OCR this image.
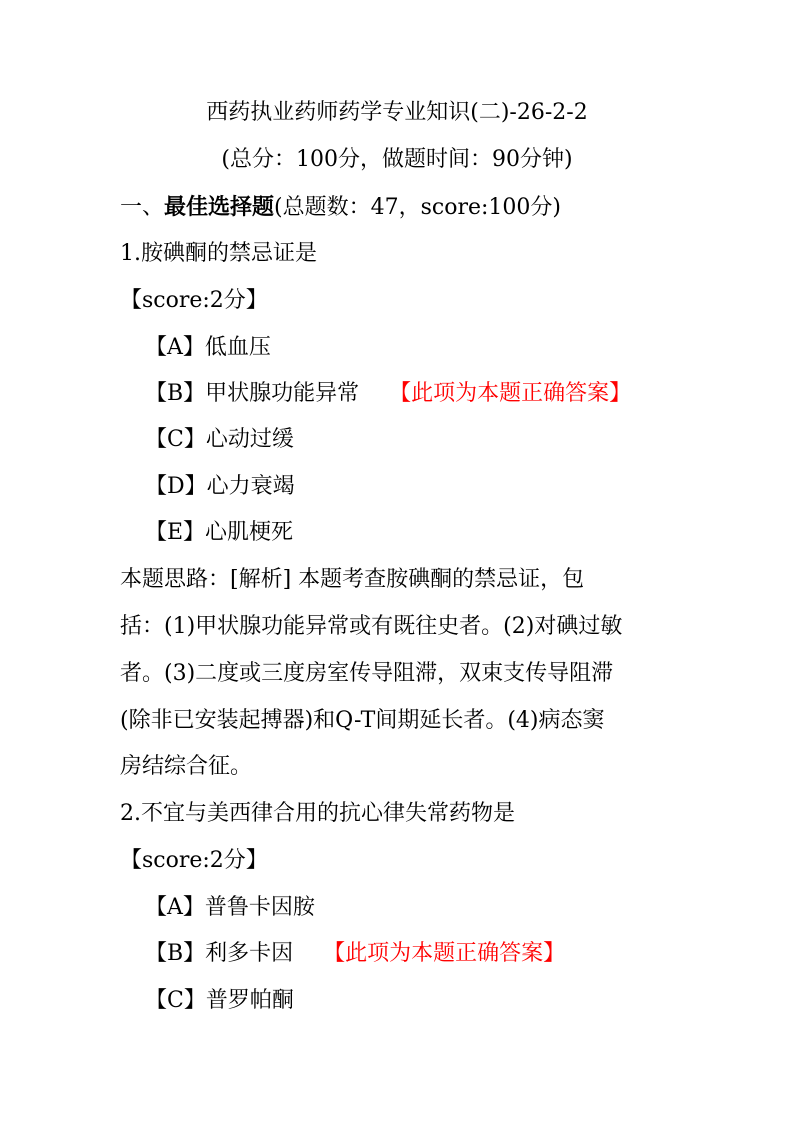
西药执业药师药学专业知识(二)-26-2-2
(总分：100分，做题时间：90分钟)
一、最佳选择题(总题数：47，score:100分)
1.胺碘酮的禁忌证是
【score:2分】
【A】低血压
【B】甲状腺功能异常 【此项为本题正确答案】
【C】心动过缓
【D】心力衰竭
【E】心肌梗死
本题思路：[解析] 本题考查胺碘酮的禁忌证，包
括：(1)甲状腺功能异常或有既往史者。(2)对碘过敏
者。(3)二度或三度房室传导阻滞，双束支传导阻滞
(除非已安装起搏器)和Q-T间期延长者。(4)病态窦
房结综合征。
2.不宜与美西律合用的抗心律失常药物是
【score:2分】
【A】普鲁卡因胺
【B】利多卡因 【此项为本题正确答案】
【C】普罗帕酮
